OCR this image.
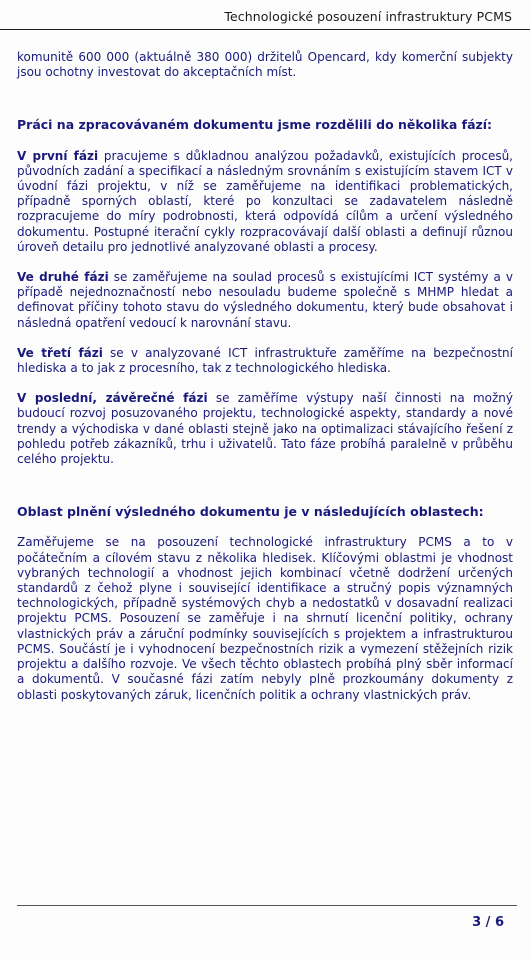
Technologické posouzení infrastruktury PCMS

komunitě 600 000 (aktuálně 380 000) držitelů Opencard, kdy komerční subjekty jsou ochotny investovat do akceptačních míst.

Práci na zpracovávaném dokumentu jsme rozdělili do několika fází:

V první fázi pracujeme s důkladnou analýzou požadavků, existujících procesů, původních zadání a specifikací a následným srovnáním s existujícím stavem ICT v úvodní fázi projektu, v níž se zaměřujeme na identifikaci problematických, případně sporných oblastí, které po konzultaci se zadavatelem následně rozpracujeme do míry podrobnosti, která odpovídá cílům a určení výsledného dokumentu. Postupné iterační cykly rozpracovávají další oblasti a definují různou úroveň detailu pro jednotlivé analyzované oblasti a procesy.

Ve druhé fázi se zaměřujeme na soulad procesů s existujícími ICT systémy a v případě nejednoznačností nebo nesouladu budeme společně s MHMP hledat a definovat příčiny tohoto stavu do výsledného dokumentu, který bude obsahovat i následná opatření vedoucí k narovnání stavu.

Ve třetí fázi se v analyzované ICT infrastruktuře zaměříme na bezpečnostní hlediska a to jak z procesního, tak z technologického hlediska.

V poslední, závěrečné fázi se zaměříme výstupy naší činnosti na možný budoucí rozvoj posuzovaného projektu, technologické aspekty, standardy a nové trendy a východiska v dané oblasti stejně jako na optimalizaci stávajícího řešení z pohledu potřeb zákazníků, trhu i uživatelů. Tato fáze probíhá paralelně v průběhu celého projektu.

Oblast plnění výsledného dokumentu je v následujících oblastech:

Zaměřujeme se na posouzení technologické infrastruktury PCMS a to v počátečním a cílovém stavu z několika hledisek. Klíčovými oblastmi je vhodnost vybraných technologií a vhodnost jejich kombinací včetně dodržení určených standardů z čehož plyne i související identifikace a stručný popis významných technologických, případně systémových chyb a nedostatků v dosavadní realizaci projektu PCMS. Posouzení se zaměřuje i na shrnutí licenční politiky, ochrany vlastnických práv a záruční podmínky souvisejících s projektem a infrastrukturou PCMS. Součástí je i vyhodnocení bezpečnostních rizik a vymezení stěžejních rizik projektu a dalšího rozvoje. Ve všech těchto oblastech probíhá plný sběr informací a dokumentů. V současné fázi zatím nebyly plně prozkoumány dokumenty z oblasti poskytovaných záruk, licenčních politik a ochrany vlastnických práv.

3 / 6
